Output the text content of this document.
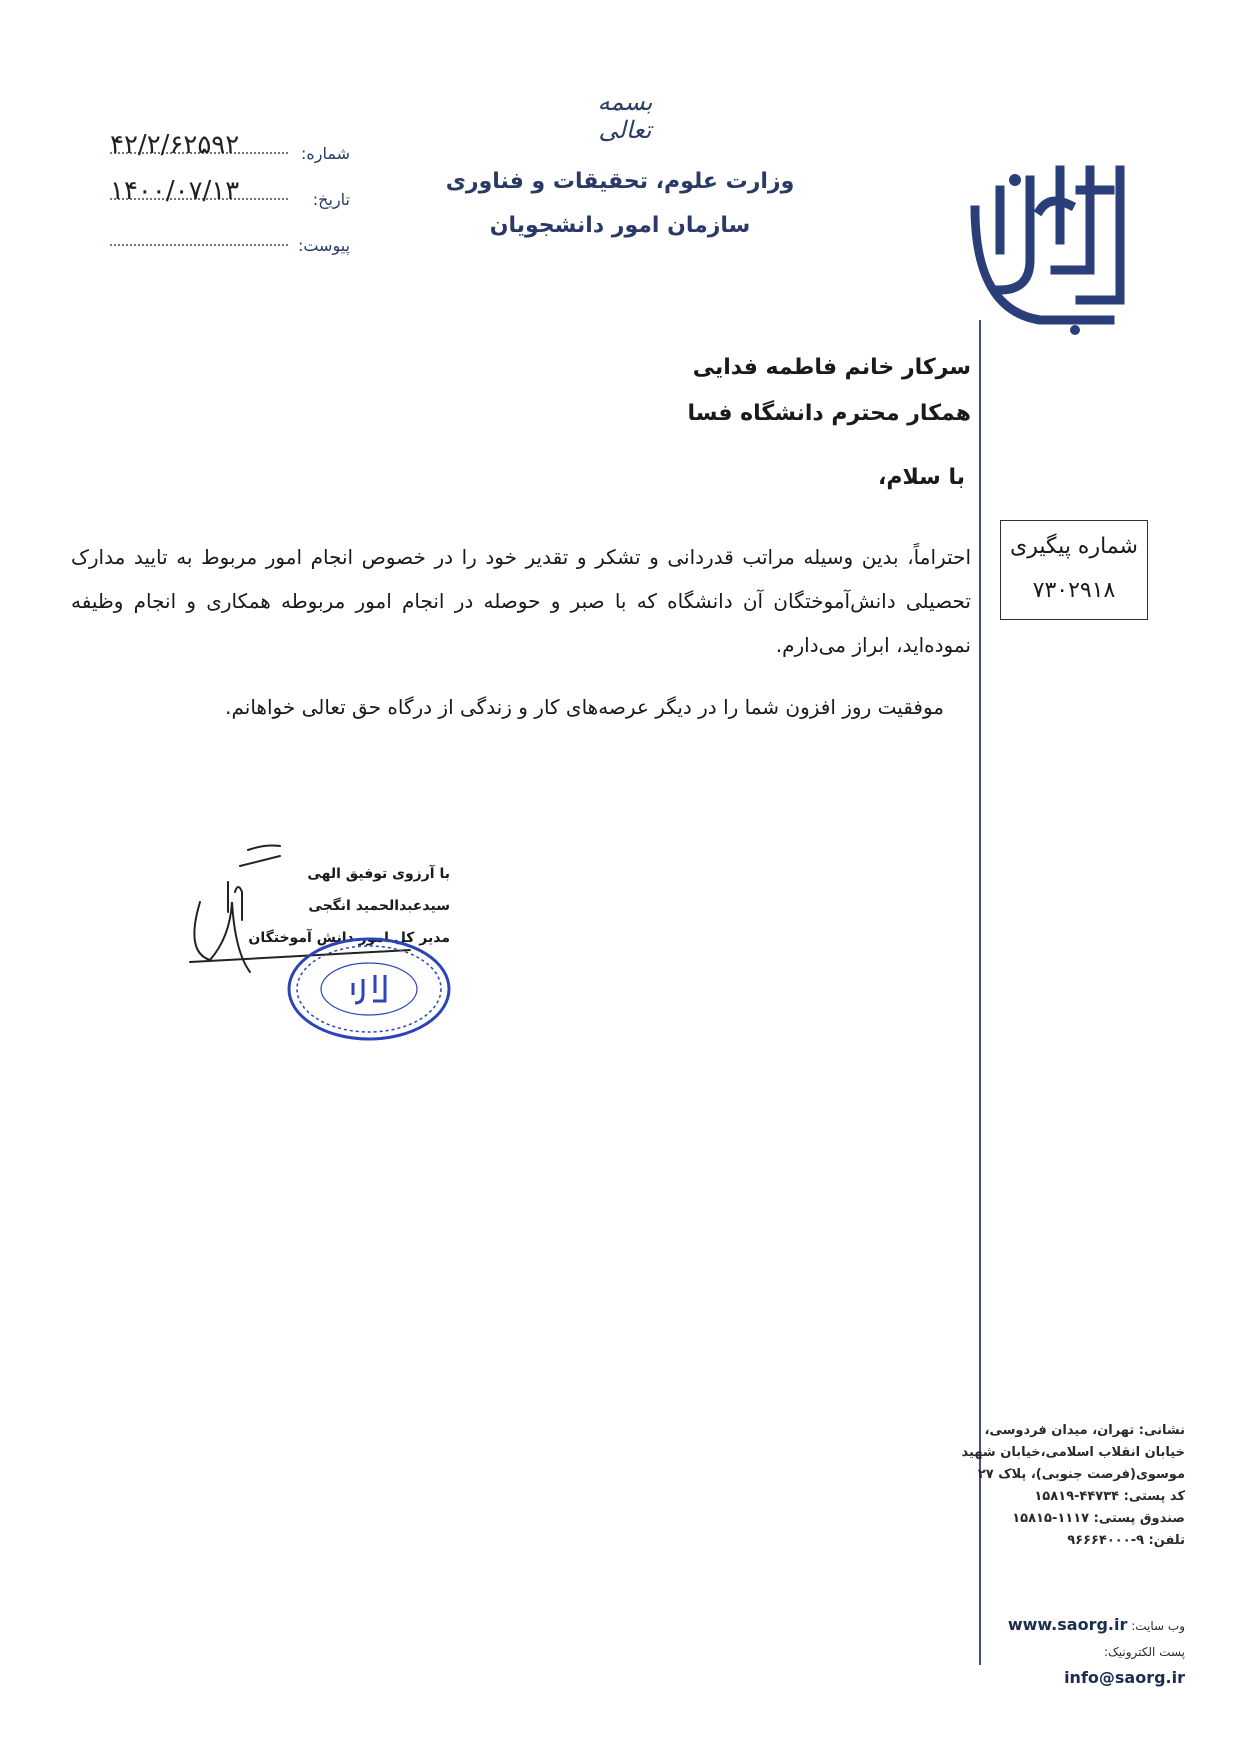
بسمه تعالی
وزارت علوم، تحقیقات و فناوری
سازمان امور دانشجویان
شماره:
۴۲/۲/۶۲۵۹۲
تاریخ:
۱۴۰۰/۰۷/۱۳
پیوست:
سرکار خانم فاطمه فدایی
همکار محترم دانشگاه فسا
با سلام،
شماره پیگیری
۷۳۰۲۹۱۸

احتراماً، بدین وسیله مراتب قدردانی و تشکر و تقدیر خود را در خصوص انجام امور مربوط به تایید مدارک تحصیلی دانش‌آموختگان آن دانشگاه که با صبر و حوصله در انجام امور مربوطه همکاری و انجام وظیفه نموده‌اید، ابراز می‌دارم.

موفقیت روز افزون شما را در دیگر عرصه‌های کار و زندگی از درگاه حق تعالی خواهانم.
با آرزوی توفیق الهی
سیدعبدالحمید انگجی
مدیر کل امور دانش آموختگان
نشانی: تهران، میدان فردوسی،
خیابان انقلاب اسلامی،خیابان شهید
موسوی(فرصت جنوبی)، پلاک ۲۷
کد پستی: ۴۴۷۳۴-۱۵۸۱۹
صندوق پستی: ۱۱۱۷-۱۵۸۱۵
تلفن: ۹-۹۶۶۶۴۰۰۰
وب سایت: www.saorg.ir
پست الکترونیک: info@saorg.ir
